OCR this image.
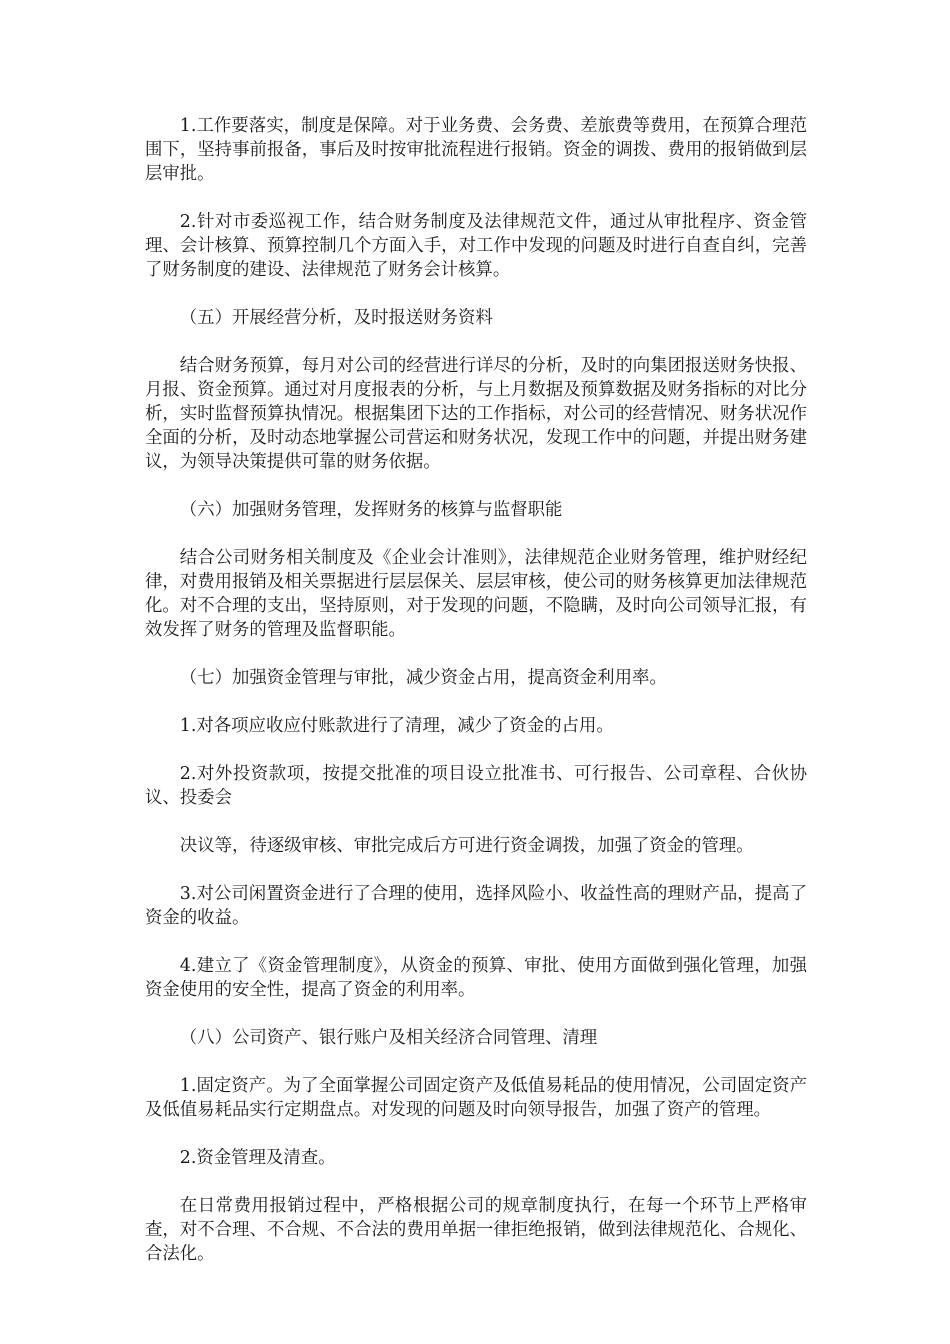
1.工作要落实，制度是保障。对于业务费、会务费、差旅费等费用，在预算合理范围下，坚持事前报备，事后及时按审批流程进行报销。资金的调拨、费用的报销做到层层审批。

2.针对市委巡视工作，结合财务制度及法律规范文件，通过从审批程序、资金管理、会计核算、预算控制几个方面入手，对工作中发现的问题及时进行自查自纠，完善了财务制度的建设、法律规范了财务会计核算。

（五）开展经营分析，及时报送财务资料

结合财务预算，每月对公司的经营进行详尽的分析，及时的向集团报送财务快报、月报、资金预算。通过对月度报表的分析，与上月数据及预算数据及财务指标的对比分析，实时监督预算执情况。根据集团下达的工作指标，对公司的经营情况、财务状况作全面的分析，及时动态地掌握公司营运和财务状况，发现工作中的问题，并提出财务建议，为领导决策提供可靠的财务依据。

（六）加强财务管理，发挥财务的核算与监督职能

结合公司财务相关制度及《企业会计准则》，法律规范企业财务管理，维护财经纪律，对费用报销及相关票据进行层层保关、层层审核，使公司的财务核算更加法律规范化。对不合理的支出，坚持原则，对于发现的问题，不隐瞒，及时向公司领导汇报，有效发挥了财务的管理及监督职能。

（七）加强资金管理与审批，减少资金占用，提高资金利用率。

1.对各项应收应付账款进行了清理，减少了资金的占用。

2.对外投资款项，按提交批准的项目设立批准书、可行报告、公司章程、合伙协议、投委会

决议等，待逐级审核、审批完成后方可进行资金调拨，加强了资金的管理。

3.对公司闲置资金进行了合理的使用，选择风险小、收益性高的理财产品，提高了资金的收益。

4.建立了《资金管理制度》，从资金的预算、审批、使用方面做到强化管理，加强资金使用的安全性，提高了资金的利用率。

（八）公司资产、银行账户及相关经济合同管理、清理

1.固定资产。为了全面掌握公司固定资产及低值易耗品的使用情况，公司固定资产及低值易耗品实行定期盘点。对发现的问题及时向领导报告，加强了资产的管理。

2.资金管理及清查。

在日常费用报销过程中，严格根据公司的规章制度执行，在每一个环节上严格审查，对不合理、不合规、不合法的费用单据一律拒绝报销，做到法律规范化、合规化、合法化。
